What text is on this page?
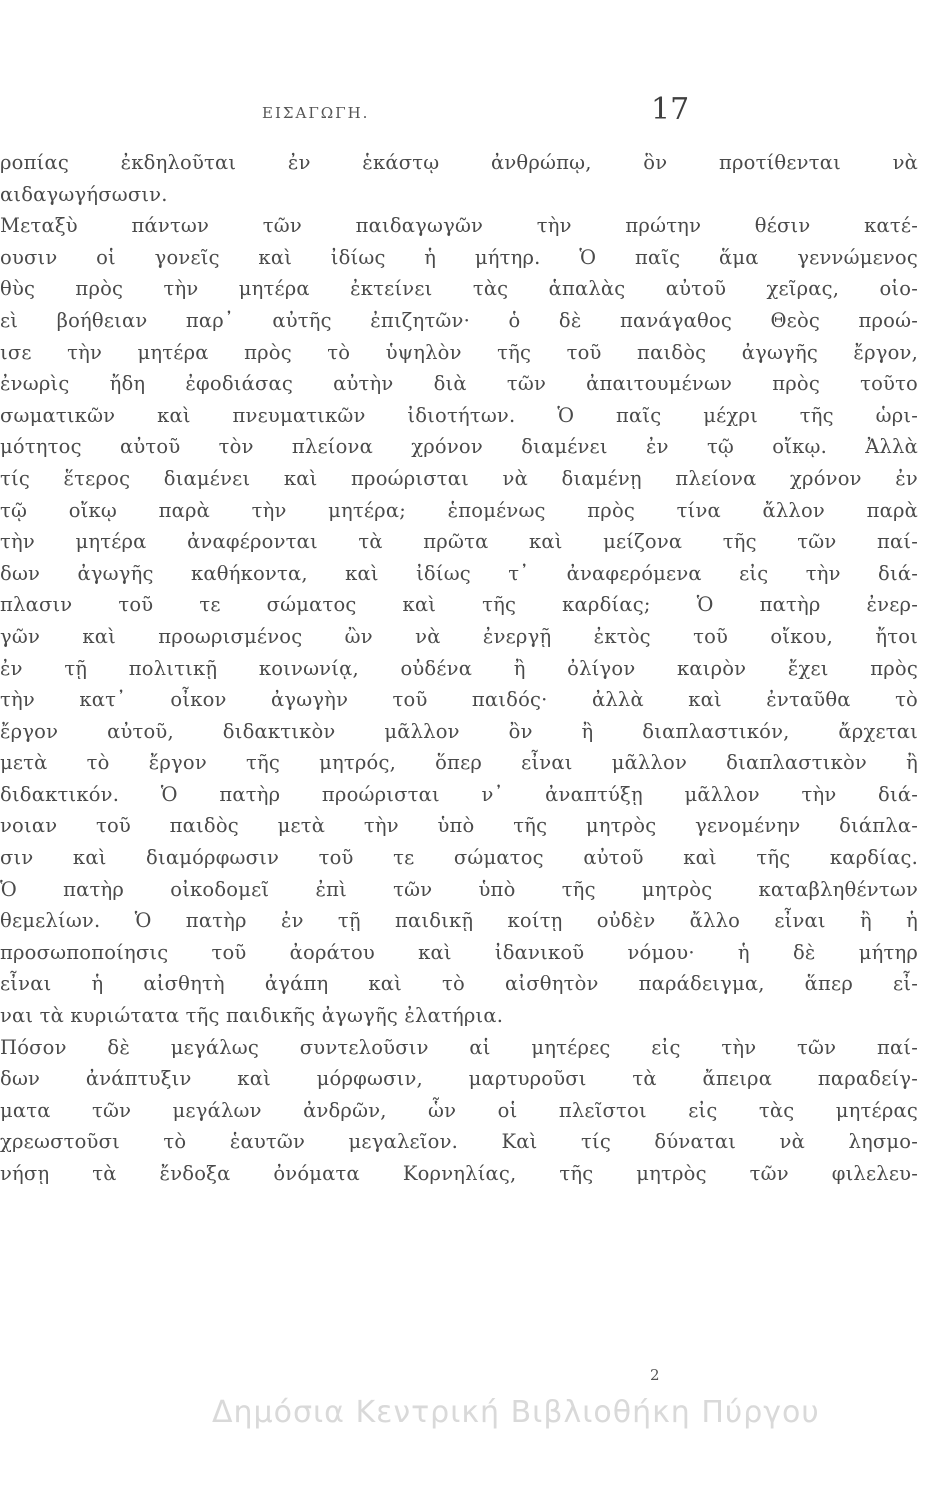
ΕΙΣΑΓΩΓΗ.	17
ροπίας ἐκδηλοῦται ἐν ἑκάστῳ ἀνθρώπῳ, ὃν προτίθενται νὰ
αιδαγωγήσωσιν.
Μεταξὺ πάντων τῶν παιδαγωγῶν τὴν πρώτην θέσιν κατέ-
ουσιν οἱ γονεῖς καὶ ἰδίως ἡ μήτηρ. Ὁ παῖς ἅμα γεννώμενος
θὺς πρὸς τὴν μητέρα ἐκτείνει τὰς ἁπαλὰς αὐτοῦ χεῖρας, οἱο-
εὶ βοήθειαν παρ᾽ αὐτῆς ἐπιζητῶν· ὁ δὲ πανάγαθος Θεὸς προώ-
ισε τὴν μητέρα πρὸς τὸ ὑψηλὸν τῆς τοῦ παιδὸς ἀγωγῆς ἔργον,
ἐνωρὶς ἤδη ἐφοδιάσας αὐτὴν διὰ τῶν ἀπαιτουμένων πρὸς τοῦτο
σωματικῶν καὶ πνευματικῶν ἰδιοτήτων. Ὁ παῖς μέχρι τῆς ὡρι-
μότητος αὐτοῦ τὸν πλείονα χρόνον διαμένει ἐν τῷ οἴκῳ. Ἀλλὰ
τίς ἕτερος διαμένει καὶ προώρισται νὰ διαμένῃ πλείονα χρόνον ἐν
τῷ οἴκῳ παρὰ τὴν μητέρα; ἑπομένως πρὸς τίνα ἄλλον παρὰ
τὴν μητέρα ἀναφέρονται τὰ πρῶτα καὶ μείζονα τῆς τῶν παί-
δων ἀγωγῆς καθήκοντα, καὶ ἰδίως τ᾽ ἀναφερόμενα εἰς τὴν διά-
πλασιν τοῦ τε σώματος καὶ τῆς καρδίας; Ὁ πατὴρ ἐνερ-
γῶν καὶ προωρισμένος ὢν νὰ ἐνεργῇ ἐκτὸς τοῦ οἴκου, ἤτοι
ἐν τῇ πολιτικῇ κοινωνίᾳ, οὐδένα ἢ ὀλίγον καιρὸν ἔχει πρὸς
τὴν κατ᾽ οἶκον ἀγωγὴν τοῦ παιδός· ἀλλὰ καὶ ἐνταῦθα τὸ
ἔργον αὐτοῦ, διδακτικὸν μᾶλλον ὂν ἢ διαπλαστικόν, ἄρχεται
μετὰ τὸ ἔργον τῆς μητρός, ὅπερ εἶναι μᾶλλον διαπλαστικὸν ἢ
διδακτικόν. Ὁ πατὴρ προώρισται ν᾽ ἀναπτύξῃ μᾶλλον τὴν διά-
νοιαν τοῦ παιδὸς μετὰ τὴν ὑπὸ τῆς μητρὸς γενομένην διάπλα-
σιν καὶ διαμόρφωσιν τοῦ τε σώματος αὐτοῦ καὶ τῆς καρδίας.
Ὁ πατὴρ οἰκοδομεῖ ἐπὶ τῶν ὑπὸ τῆς μητρὸς καταβληθέντων
θεμελίων. Ὁ πατὴρ ἐν τῇ παιδικῇ κοίτῃ οὐδὲν ἄλλο εἶναι ἢ ἡ
προσωποποίησις τοῦ ἀοράτου καὶ ἰδανικοῦ νόμου· ἡ δὲ μήτηρ
εἶναι ἡ αἰσθητὴ ἀγάπη καὶ τὸ αἰσθητὸν παράδειγμα, ἅπερ εἶ-
ναι τὰ κυριώτατα τῆς παιδικῆς ἀγωγῆς ἐλατήρια.
Πόσον δὲ μεγάλως συντελοῦσιν αἱ μητέρες εἰς τὴν τῶν παί-
δων ἀνάπτυξιν καὶ μόρφωσιν, μαρτυροῦσι τὰ ἄπειρα παραδείγ-
ματα τῶν μεγάλων ἀνδρῶν, ὧν οἱ πλεῖστοι εἰς τὰς μητέρας
χρεωστοῦσι τὸ ἑαυτῶν μεγαλεῖον. Καὶ τίς δύναται νὰ λησμο-
νήσῃ τὰ ἔνδοξα ὀνόματα Κορνηλίας, τῆς μητρὸς τῶν φιλελευ-
2
Δημόσια Κεντρική Βιβλιοθήκη Πύργου
